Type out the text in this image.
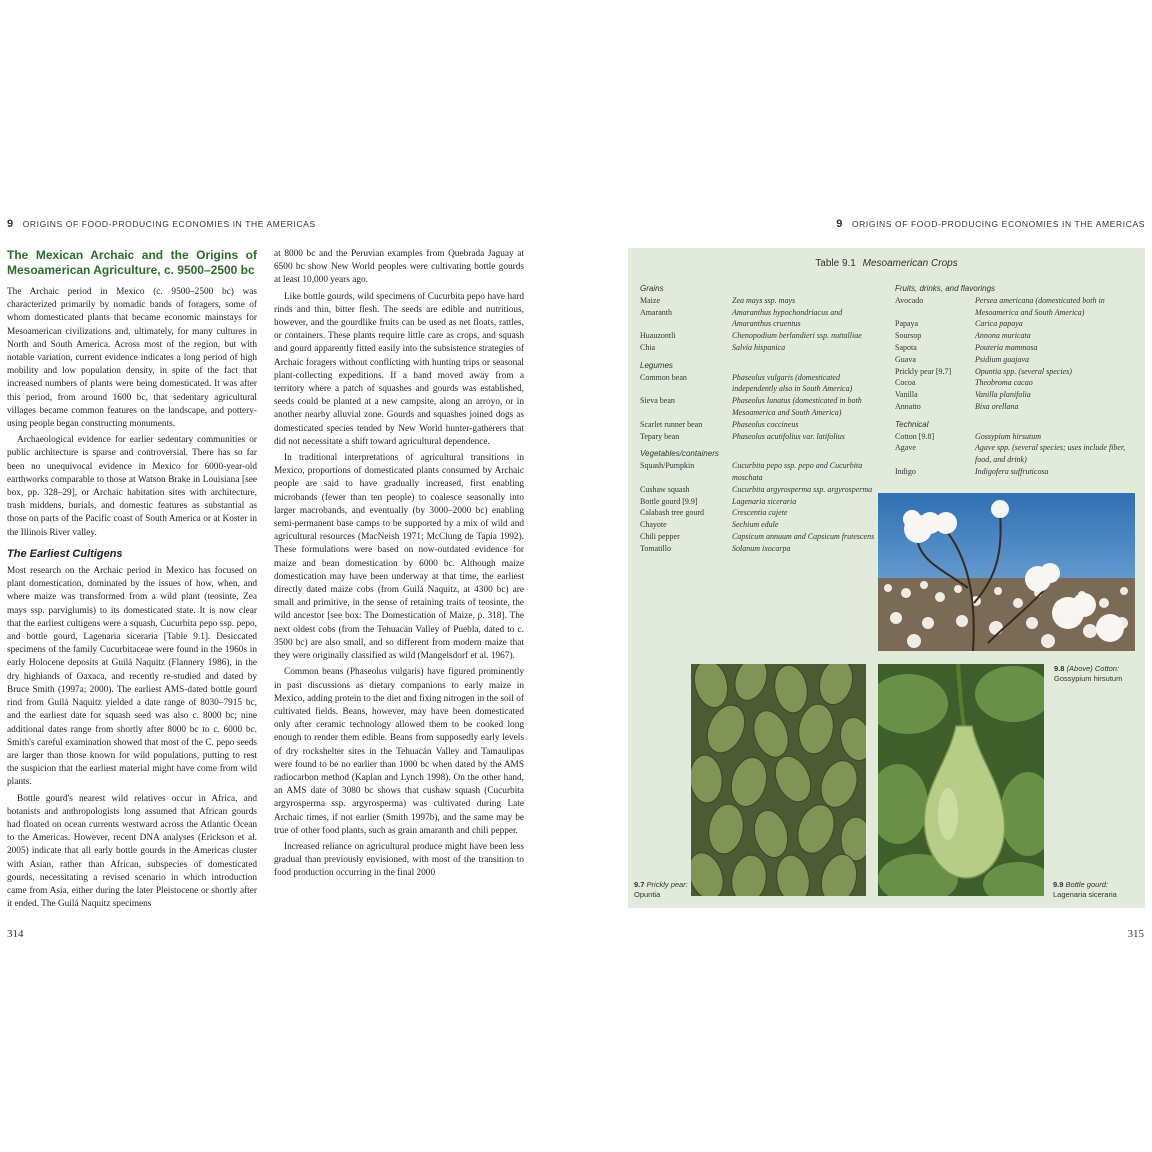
9 ORIGINS OF FOOD-PRODUCING ECONOMIES IN THE AMERICAS	9 ORIGINS OF FOOD-PRODUCING ECONOMIES IN THE AMERICAS
The Mexican Archaic and the Origins of Mesoamerican Agriculture, c. 9500–2500 bc

The Archaic period in Mexico (c. 9500–2500 bc) was characterized primarily by nomadic bands of foragers, some of whom domesticated plants that became economic mainstays for Mesoamerican civilizations and, ultimately, for many cultures in North and South America. Across most of the region, but with notable variation, current evidence indicates a long period of high mobility and low population density, in spite of the fact that increased numbers of plants were being domesticated. It was after this period, from around 1600 bc, that sedentary agricultural villages became common features on the landscape, and pottery-using people began constructing monuments.

Archaeological evidence for earlier sedentary communities or public architecture is sparse and controversial. There has so far been no unequivocal evidence in Mexico for 6000-year-old earthworks comparable to those at Watson Brake in Louisiana [see box, pp. 328–29], or Archaic habitation sites with architecture, trash middens, burials, and domestic features as substantial as those on parts of the Pacific coast of South America or at Koster in the Illinois River valley.

The Earliest Cultigens

Most research on the Archaic period in Mexico has focused on plant domestication, dominated by the issues of how, when, and where maize was transformed from a wild plant (teosinte, Zea mays ssp. parviglumis) to its domesticated state. It is now clear that the earliest cultigens were a squash, Cucurbita pepo ssp. pepo, and bottle gourd, Lagenaria siceraria [Table 9.1]. Desiccated specimens of the family Cucurbitaceae were found in the 1960s in early Holocene deposits at Guilá Naquitz (Flannery 1986), in the dry highlands of Oaxaca, and recently re-studied and dated by Bruce Smith (1997a; 2000). The earliest AMS-dated bottle gourd rind from Guilá Naquitz yielded a date range of 8030–7915 bc, and the earliest date for squash seed was also c. 8000 bc; nine additional dates range from shortly after 8000 bc to c. 6000 bc. Smith's careful examination showed that most of the C. pepo seeds are larger than those known for wild populations, putting to rest the suspicion that the earliest material might have come from wild plants.

Bottle gourd's nearest wild relatives occur in Africa, and botanists and anthropologists long assumed that African gourds had floated on ocean currents westward across the Atlantic Ocean to the Americas. However, recent DNA analyses (Erickson et al. 2005) indicate that all early bottle gourds in the Americas cluster with Asian, rather than African, subspecies of domesticated gourds, necessitating a revised scenario in which introduction came from Asia, either during the later Pleistocene or shortly after it ended. The Guilá Naquitz specimens

at 8000 bc and the Peruvian examples from Quebrada Jaguay at 6500 bc show New World peoples were cultivating bottle gourds at least 10,000 years ago.

Like bottle gourds, wild specimens of Cucurbita pepo have hard rinds and thin, bitter flesh. The seeds are edible and nutritious, however, and the gourdlike fruits can be used as net floats, rattles, or containers. These plants require little care as crops, and squash and gourd apparently fitted easily into the subsistence strategies of Archaic foragers without conflicting with hunting trips or seasonal plant-collecting expeditions. If a band moved away from a territory where a patch of squashes and gourds was established, seeds could be planted at a new campsite, along an arroyo, or in another nearby alluvial zone. Gourds and squashes joined dogs as domesticated species tended by New World hunter-gatherers that did not necessitate a shift toward agricultural dependence.

In traditional interpretations of agricultural transitions in Mexico, proportions of domesticated plants consumed by Archaic people are said to have gradually increased, first enabling microbands (fewer than ten people) to coalesce seasonally into larger macrobands, and eventually (by 3000–2000 bc) enabling semi-permanent base camps to be supported by a mix of wild and agricultural resources (MacNeish 1971; McClung de Tapia 1992). These formulations were based on now-outdated evidence for maize and bean domestication by 6000 bc. Although maize domestication may have been underway at that time, the earliest directly dated maize cobs (from Guilá Naquitz, at 4300 bc) are small and primitive, in the sense of retaining traits of teosinte, the wild ancestor [see box: The Domestication of Maize, p. 318]. The next oldest cobs (from the Tehuacán Valley of Puebla, dated to c. 3500 bc) are also small, and so different from modern maize that they were originally classified as wild (Mangelsdorf et al. 1967).

Common beans (Phaseolus vulgaris) have figured prominently in past discussions as dietary companions to early maize in Mexico, adding protein to the diet and fixing nitrogen in the soil of cultivated fields. Beans, however, may have been domesticated only after ceramic technology allowed them to be cooked long enough to render them edible. Beans from supposedly early levels of dry rockshelter sites in the Tehuacán Valley and Tamaulipas were found to be no earlier than 1000 bc when dated by the AMS radiocarbon method (Kaplan and Lynch 1998). On the other hand, an AMS date of 3080 bc shows that cushaw squash (Cucurbita argyrosperma ssp. argyrosperma) was cultivated during Late Archaic times, if not earlier (Smith 1997b), and the same may be true of other food plants, such as grain amaranth and chili pepper.

Increased reliance on agricultural produce might have been less gradual than previously envisioned, with most of the transition to food production occurring in the final 2000

314	315
Table 9.1 Mesoamerican Crops
Grains
Maize	Zea mays ssp. mays
Amaranth	Amaranthus hypochondriacus and Amaranthus cruentus
Huauzontli	Chenopodium berlandieri ssp. nuttalliae
Chia	Salvia hispanica
Legumes
Common bean	Phaseolus vulgaris (domesticated independently also in South America)
Sieva bean	Phaseolus lunatus (domesticated in both Mesoamerica and South America)
Scarlet runner bean	Phaseolus coccineus
Tepary bean	Phaseolus acutifolius var. latifolius
Vegetables/containers
Squash/Pumpkin	Cucurbita pepo ssp. pepo and Cucurbita moschata
Cushaw squash	Cucurbita argyrosperma ssp. argyrosperma
Bottle gourd [9.9]	Lagenaria siceraria
Calabash tree gourd	Crescentia cujete
Chayote	Sechium edule
Chili pepper	Capsicum annuum and Capsicum frutescens
Tomatillo	Solanum ixocarpa
Fruits, drinks, and flavorings
Avocado	Persea americana (domesticated both in Mesoamerica and South America)
Papaya	Carica papaya
Soursop	Annona muricata
Sapota	Pouteria mammosa
Guava	Psidium guajava
Prickly pear [9.7]	Opuntia spp. (several species)
Cocoa	Theobroma cacao
Vanilla	Vanilla planifolia
Annatto	Bixa orellana
Technical
Cotton [9.8]	Gossypium hirsutum
Agave	Agave spp. (several species; uses include fiber, food, and drink)
Indigo	Indigofera suffruticosa
9.8 (Above) Cotton:
Gossypium hirsutum
9.7 Prickly pear:
Opuntia
9.9 Bottle gourd:
Lagenaria siceraria
